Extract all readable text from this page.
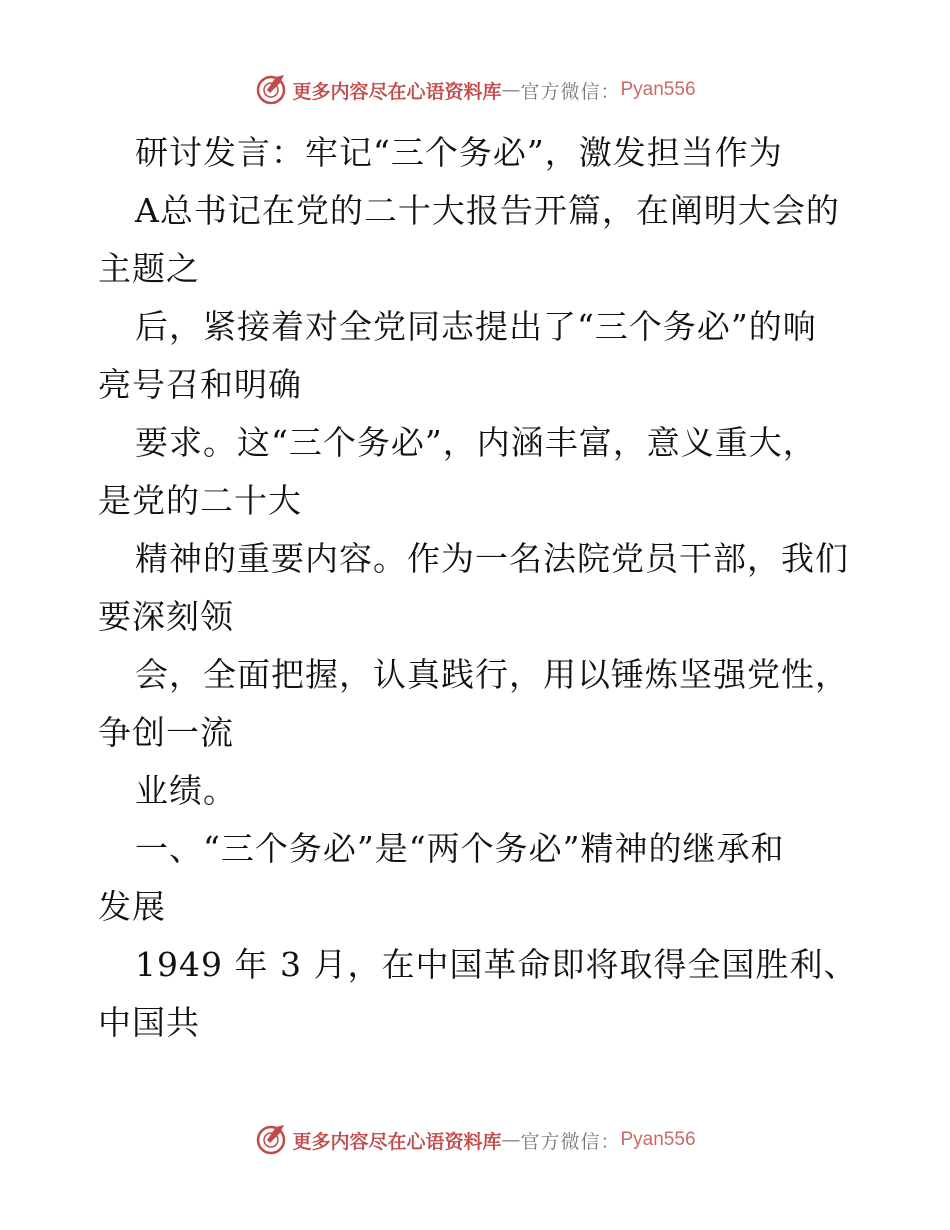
更多内容尽在心语资料库 — 官方微信： Pyan556
研讨发言：牢记“三个务必”，激发担当作为
A总书记在党的二十大报告开篇，在阐明大会的
主题之
后，紧接着对全党同志提出了“三个务必”的响
亮号召和明确
要求。这“三个务必”，内涵丰富，意义重大，
是党的二十大
精神的重要内容。作为一名法院党员干部，我们
要深刻领
会，全面把握，认真践行，用以锤炼坚强党性，
争创一流
业绩。
一、“三个务必”是“两个务必”精神的继承和
发展
1949 年 3 月，在中国革命即将取得全国胜利、
中国共
更多内容尽在心语资料库 — 官方微信： Pyan556
